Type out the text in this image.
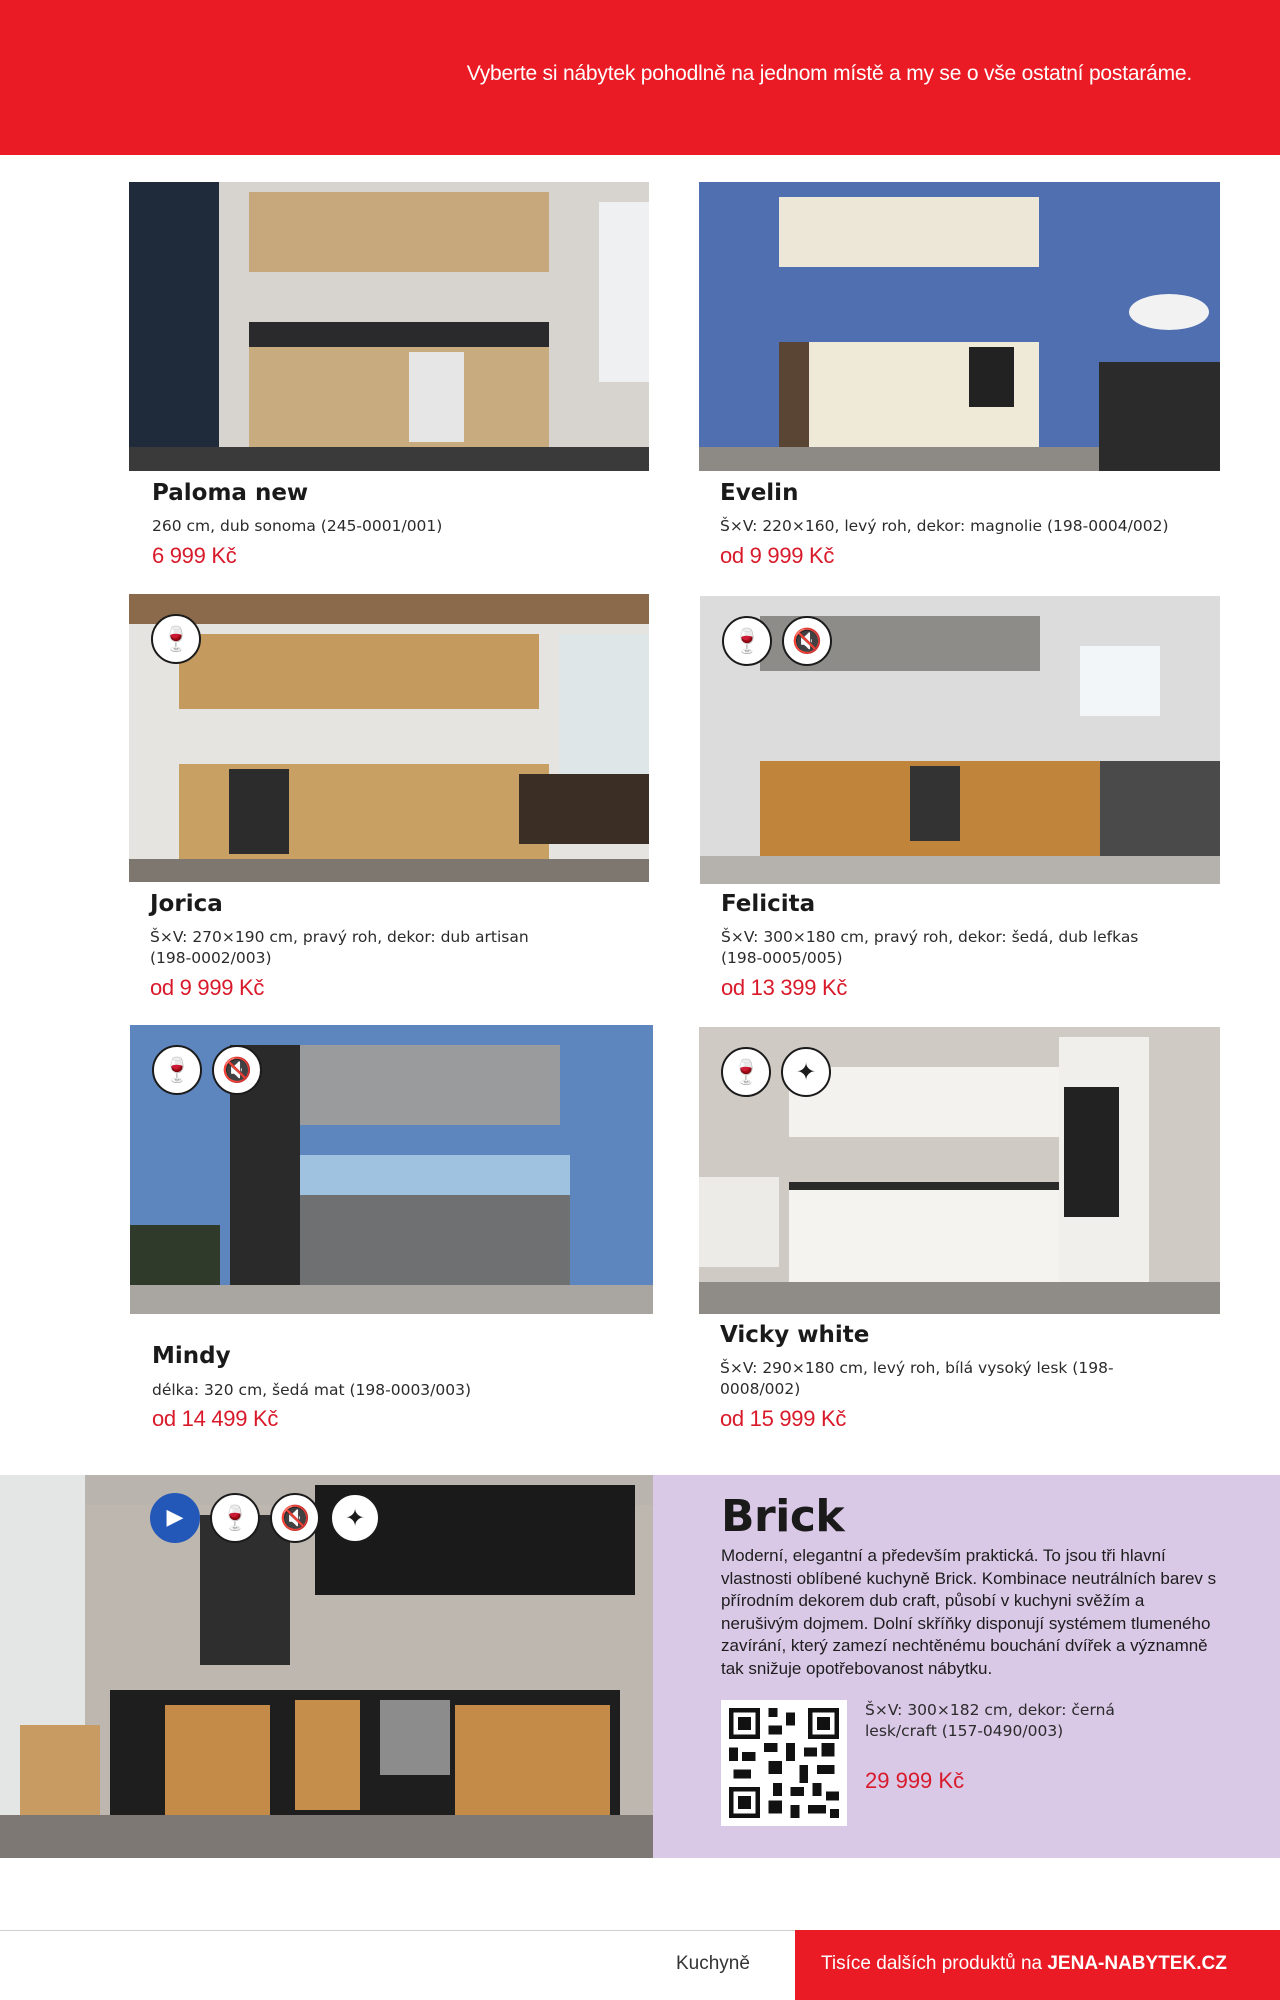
Vyberte si nábytek pohodlně na jednom místě a my se o vše ostatní postaráme.
Paloma new
260 cm, dub sonoma (245-0001/001)
6 999 Kč
Evelin
Š×V: 220×160, levý roh, dekor: magnolie (198-0004/002)
od 9 999 Kč
🍷
Jorica
Š×V: 270×190 cm, pravý roh, dekor: dub artisan (198-0002/003)
od 9 999 Kč
🍷	🔇
Felicita
Š×V: 300×180 cm, pravý roh, dekor: šedá, dub lefkas (198-0005/005)
od 13 399 Kč
🍷	🔇
Mindy
délka: 320 cm, šedá mat (198-0003/003)
od 14 499 Kč
🍷	✦
Vicky white
Š×V: 290×180 cm, levý roh, bílá vysoký lesk (198-0008/002)
od 15 999 Kč
▶	🍷	🔇	✦	Brick
Moderní, elegantní a především praktická. To jsou tři hlavní vlastnosti oblíbené kuchyně Brick. Kombinace neutrálních barev s přírodním dekorem dub craft, působí v kuchyni svěžím a nerušivým dojmem. Dolní skříňky disponují systémem tlumeného zavírání, který zamezí nechtěnému bouchání dvířek a významně tak snižuje opotřebovanost nábytku.
Š×V: 300×182 cm, dekor: černá lesk/craft (157-0490/003)
29 999 Kč
Kuchyně	Tisíce dalších produktů na JENA-NABYTEK.CZ
